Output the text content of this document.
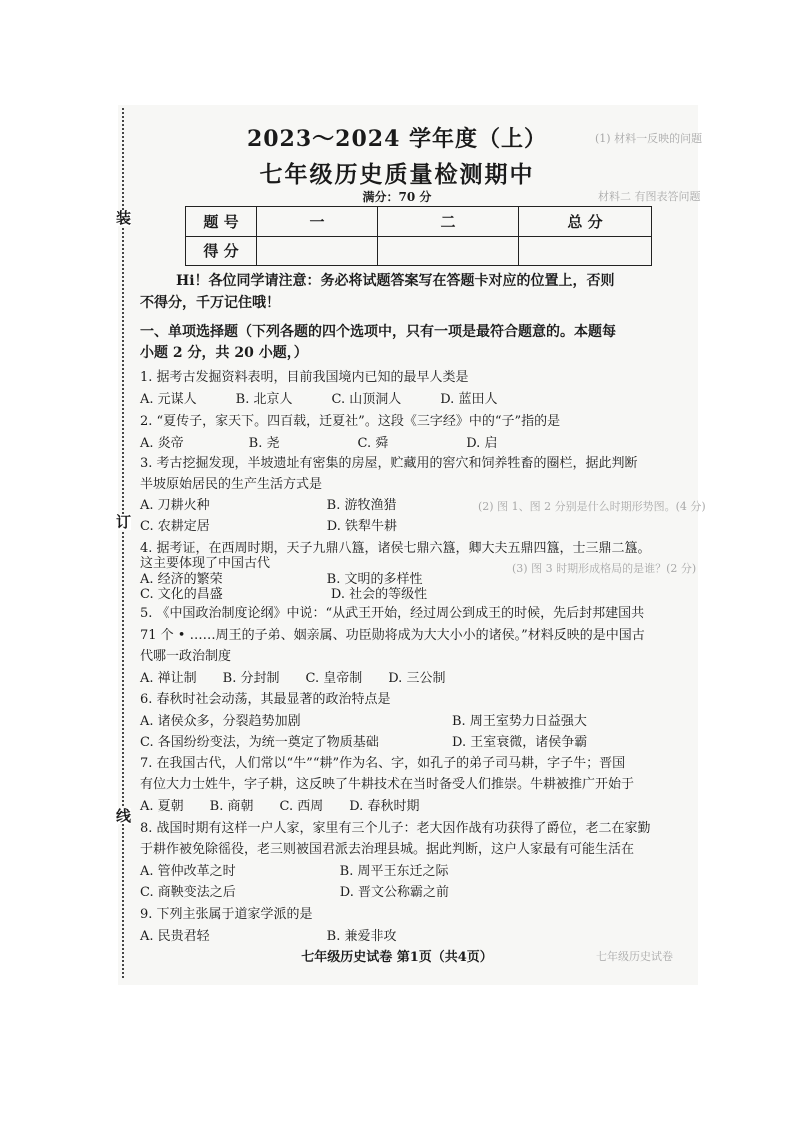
装
订
线
(1) 材料一反映的问题
材料二 有图表答问题
(2) 图 1、图 2 分别是什么时期形势图。(4 分)
(3) 图 3 时期形成格局的是谁？(2 分)
七年级历史试卷
2023～2024 学年度（上）
七年级历史质量检测期中
满分：70 分
题 号	一	二	总 分
得 分			
Hi！各位同学请注意：务必将试题答案写在答题卡对应的位置上，否则
不得分，千万记住哦！
一、单项选择题（下列各题的四个选项中，只有一项是最符合题意的。本题每
小题 2 分，共 20 小题，）
1. 据考古发掘资料表明，目前我国境内已知的最早人类是
A. 元谋人　　　B. 北京人　　　C. 山顶洞人　　　D. 蓝田人
2. “夏传子，家天下。四百载，迁夏社”。这段《三字经》中的“子”指的是
A. 炎帝　　　　　B. 尧　　　　　　C. 舜　　　　　　D. 启
3. 考古挖掘发现，半坡遗址有密集的房屋，贮藏用的窖穴和饲养牲畜的圈栏，据此判断
半坡原始居民的生产生活方式是
A. 刀耕火种　　　　　　　　　B. 游牧渔猎
C. 农耕定居　　　　　　　　　D. 铁犁牛耕
4. 据考证，在西周时期，天子九鼎八簋，诸侯七鼎六簋，卿大夫五鼎四簋，士三鼎二簋。
这主要体现了中国古代
A. 经济的繁荣　　　　　　　　B. 文明的多样性
C. 文化的昌盛　　　　　　　　 D. 社会的等级性
5. 《中国政治制度论纲》中说：“从武王开始，经过周公到成王的时候，先后封邦建国共
71 个 • ……周王的子弟、姻亲属、功臣勋将成为大大小小的诸侯。”材料反映的是中国古
代哪一政治制度
A. 禅让制　　B. 分封制　　C. 皇帝制　　D. 三公制
6. 春秋时社会动荡，其最显著的政治特点是
A. 诸侯众多，分裂趋势加剧	B. 周王室势力日益强大
C. 各国纷纷变法，为统一奠定了物质基础	D. 王室衰微，诸侯争霸
7. 在我国古代，人们常以“牛”“耕”作为名、字，如孔子的弟子司马耕，字子牛；晋国
有位大力士姓牛，字子耕，这反映了牛耕技术在当时备受人们推崇。牛耕被推广开始于
A. 夏朝　　B. 商朝　　C. 西周　　D. 春秋时期
8. 战国时期有这样一户人家，家里有三个儿子：老大因作战有功获得了爵位，老二在家勤
于耕作被免除徭役，老三则被国君派去治理县城。据此判断，这户人家最有可能生活在
A. 管仲改革之时　　　　　　　　B. 周平王东迁之际
C. 商鞅变法之后　　　　　　　　D. 晋文公称霸之前
9. 下列主张属于道家学派的是
A. 民贵君轻　　　　　　　　　B. 兼爱非攻
七年级历史试卷 第1页（共4页）
